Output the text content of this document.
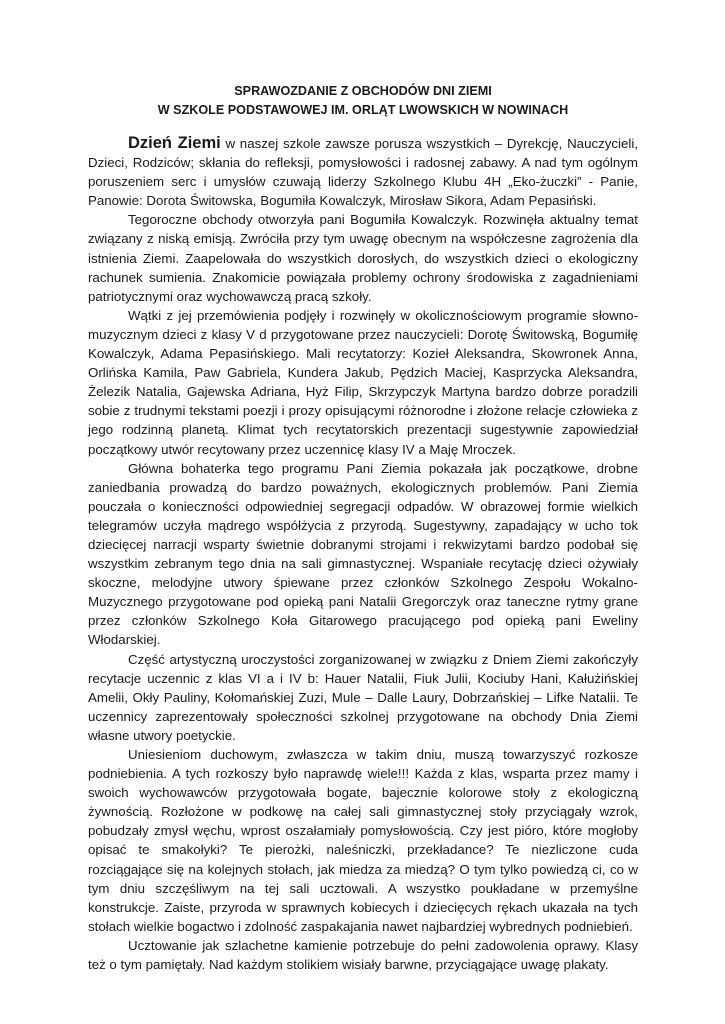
SPRAWOZDANIE Z OBCHODÓW DNI ZIEMI
W SZKOLE PODSTAWOWEJ IM. ORLĄT LWOWSKICH W NOWINACH

Dzień Ziemi w naszej szkole zawsze porusza wszystkich – Dyrekcję, Nauczycieli, Dzieci, Rodziców; skłania do refleksji, pomysłowości i radosnej zabawy. A nad tym ogólnym poruszeniem serc i umysłów czuwają liderzy Szkolnego Klubu 4H „Eko-żuczki” - Panie, Panowie: Dorota Świtowska, Bogumiła Kowalczyk, Mirosław Sikora, Adam Pepasiński.

Tegoroczne obchody otworzyła pani Bogumiła Kowalczyk. Rozwinęła aktualny temat związany z niską emisją. Zwróciła przy tym uwagę obecnym na współczesne zagrożenia dla istnienia Ziemi. Zaapelowała do wszystkich dorosłych, do wszystkich dzieci o ekologiczny rachunek sumienia. Znakomicie powiązała problemy ochrony środowiska z zagadnieniami patriotycznymi oraz wychowawczą pracą szkoły.

Wątki z jej przemówienia podjęły i rozwinęły w okolicznościowym programie słowno-muzycznym dzieci z klasy V d przygotowane przez nauczycieli: Dorotę Świtowską, Bogumiłę Kowalczyk, Adama Pepasińskiego. Mali recytatorzy: Kozieł Aleksandra, Skowronek Anna, Orlińska Kamila, Paw Gabriela, Kundera Jakub, Pędzich Maciej, Kasprzycka Aleksandra, Żelezik Natalia, Gajewska Adriana, Hyż Filip, Skrzypczyk Martyna bardzo dobrze poradzili sobie z trudnymi tekstami poezji i prozy opisującymi różnorodne i złożone relacje człowieka z jego rodzinną planetą. Klimat tych recytatorskich prezentacji sugestywnie zapowiedział początkowy utwór recytowany przez uczennicę klasy IV a Maję Mroczek.

Główna bohaterka tego programu Pani Ziemia pokazała jak początkowe, drobne zaniedbania prowadzą do bardzo poważnych, ekologicznych problemów. Pani Ziemia pouczała o konieczności odpowiedniej segregacji odpadów. W obrazowej formie wielkich telegramów uczyła mądrego współżycia z przyrodą. Sugestywny, zapadający w ucho tok dziecięcej narracji wsparty świetnie dobranymi strojami i rekwizytami bardzo podobał się wszystkim zebranym tego dnia na sali gimnastycznej. Wspaniałe recytację dzieci ożywiały skoczne, melodyjne utwory śpiewane przez członków Szkolnego Zespołu Wokalno-Muzycznego przygotowane pod opieką pani Natalii Gregorczyk oraz taneczne rytmy grane przez członków Szkolnego Koła Gitarowego pracującego pod opieką pani Eweliny Włodarskiej.

Część artystyczną uroczystości zorganizowanej w związku z Dniem Ziemi zakończyły recytacje uczennic z klas VI a i IV b: Hauer Natalii, Fiuk Julii, Kociuby Hani, Kałużińskiej Amelii, Okły Pauliny, Kołomańskiej Zuzi, Mule – Dalle Laury, Dobrzańskiej – Lifke Natalii. Te uczennicy zaprezentowały społeczności szkolnej przygotowane na obchody Dnia Ziemi własne utwory poetyckie.

Uniesieniom duchowym, zwłaszcza w takim dniu, muszą towarzyszyć rozkosze podniebienia. A tych rozkoszy było naprawdę wiele!!! Każda z klas, wsparta przez mamy i swoich wychowawców przygotowała bogate, bajecznie kolorowe stoły z ekologiczną żywnością. Rozłożone w podkowę na całej sali gimnastycznej stoły przyciągały wzrok, pobudzały zmysł węchu, wprost oszałamiały pomysłowością. Czy jest pióro, które mogłoby opisać te smakołyki? Te pierożki, naleśniczki, przekładance? Te niezliczone cuda rozciągające się na kolejnych stołach, jak miedza za miedzą? O tym tylko powiedzą ci, co w tym dniu szczęśliwym na tej sali ucztowali. A wszystko poukładane w przemyślne konstrukcje. Zaiste, przyroda w sprawnych kobiecych i dziecięcych rękach ukazała na tych stołach wielkie bogactwo i zdolność zaspakajania nawet najbardziej wybrednych podniebień.

Ucztowanie jak szlachetne kamienie potrzebuje do pełni zadowolenia oprawy. Klasy też o tym pamiętały. Nad każdym stolikiem wisiały barwne, przyciągające uwagę plakaty.
